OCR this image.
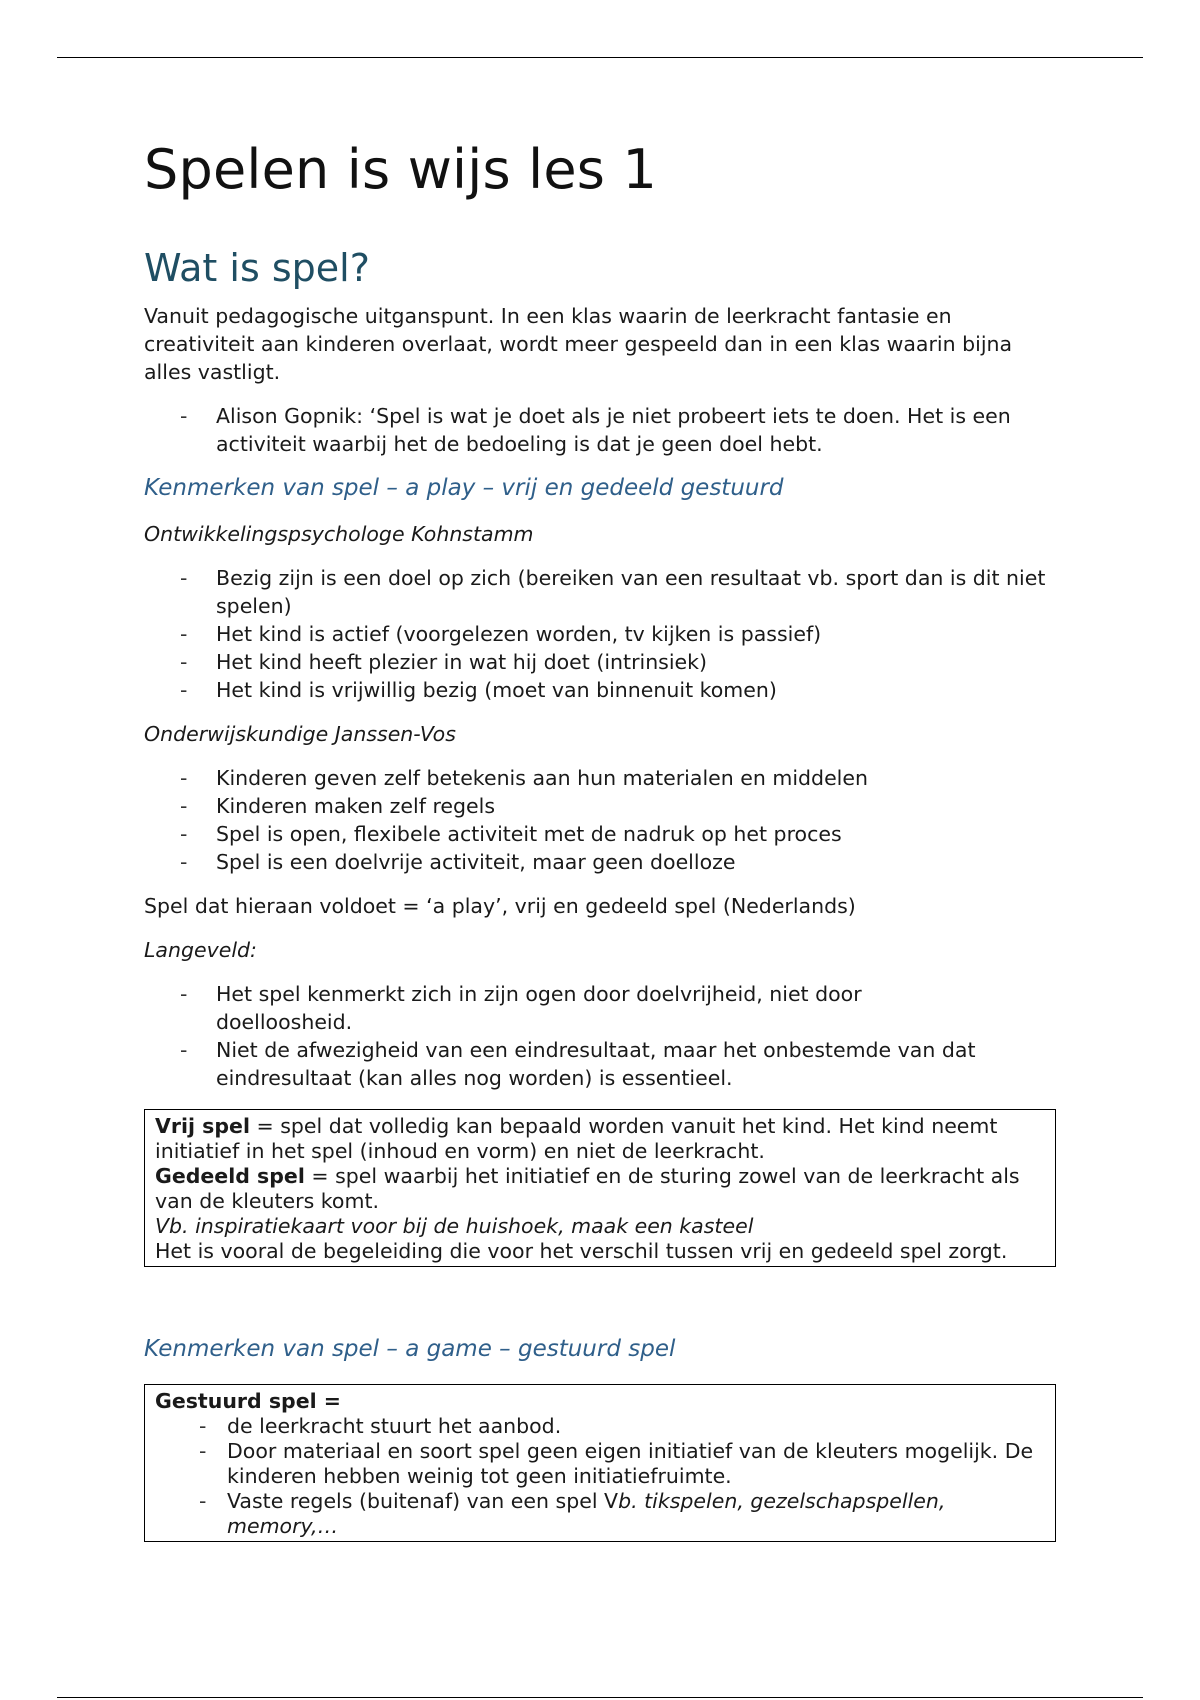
Spelen is wijs les 1
Wat is spel?

Vanuit pedagogische uitganspunt. In een klas waarin de leerkracht fantasie en creativiteit aan kinderen overlaat, wordt meer gespeeld dan in een klas waarin bijna alles vastligt.

- Alison Gopnik: ‘Spel is wat je doet als je niet probeert iets te doen. Het is een activiteit waarbij het de bedoeling is dat je geen doel hebt.
Kenmerken van spel – a play – vrij en gedeeld gestuurd
Ontwikkelingspsychologe Kohnstamm
- Bezig zijn is een doel op zich (bereiken van een resultaat vb. sport dan is dit niet spelen)
- Het kind is actief (voorgelezen worden, tv kijken is passief)
- Het kind heeft plezier in wat hij doet (intrinsiek)
- Het kind is vrijwillig bezig (moet van binnenuit komen)
Onderwijskundige Janssen-Vos
- Kinderen geven zelf betekenis aan hun materialen en middelen
- Kinderen maken zelf regels
- Spel is open, flexibele activiteit met de nadruk op het proces
- Spel is een doelvrije activiteit, maar geen doelloze
Spel dat hieraan voldoet = ‘a play’, vrij en gedeeld spel (Nederlands)
Langeveld:
- Het spel kenmerkt zich in zijn ogen door doelvrijheid, niet door doelloosheid.
- Niet de afwezigheid van een eindresultaat, maar het onbestemde van dat eindresultaat (kan alles nog worden) is essentieel.

Vrij spel = spel dat volledig kan bepaald worden vanuit het kind. Het kind neemt initiatief in het spel (inhoud en vorm) en niet de leerkracht.

Gedeeld spel = spel waarbij het initiatief en de sturing zowel van de leerkracht als van de kleuters komt.

Vb. inspiratiekaart voor bij de huishoek, maak een kasteel

Het is vooral de begeleiding die voor het verschil tussen vrij en gedeeld spel zorgt.

Kenmerken van spel – a game – gestuurd spel

Gestuurd spel =

- de leerkracht stuurt het aanbod.
- Door materiaal en soort spel geen eigen initiatief van de kleuters mogelijk. De kinderen hebben weinig tot geen initiatiefruimte.
- Vaste regels (buitenaf) van een spel Vb. tikspelen, gezelschapspellen, memory,…
